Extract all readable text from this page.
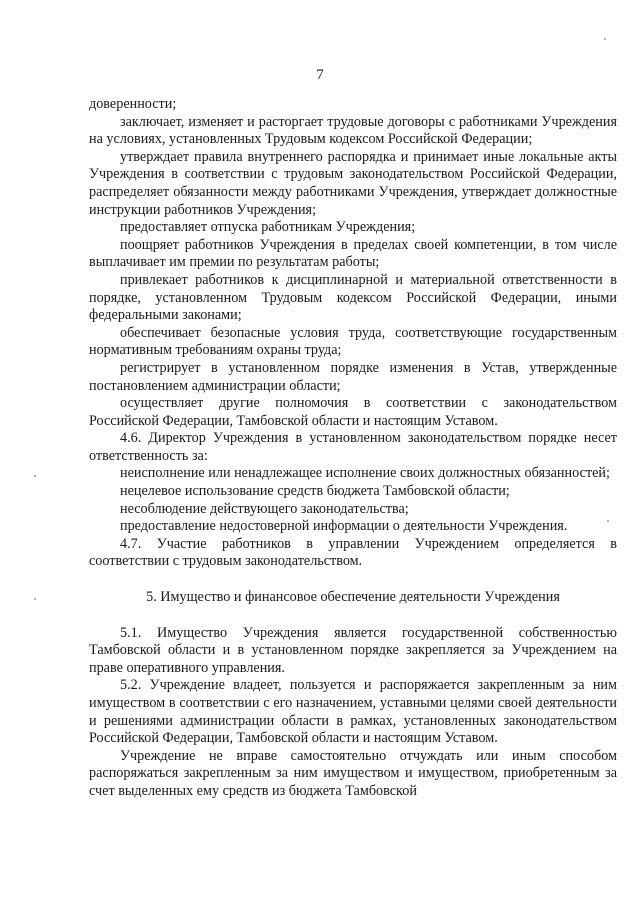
7

доверенности;

заключает, изменяет и расторгает трудовые договоры с работниками Учреждения на условиях, установленных Трудовым кодексом Российской Федерации;

утверждает правила внутреннего распорядка и принимает иные локальные акты Учреждения в соответствии с трудовым законодательством Российской Федерации, распределяет обязанности между работниками Учреждения, утверждает должностные инструкции работников Учреждения;

предоставляет отпуска работникам Учреждения;

поощряет работников Учреждения в пределах своей компетенции, в том числе выплачивает им премии по результатам работы;

привлекает работников к дисциплинарной и материальной ответственности в порядке, установленном Трудовым кодексом Российской Федерации, иными федеральными законами;

обеспечивает безопасные условия труда, соответствующие государственным нормативным требованиям охраны труда;

регистрирует в установленном порядке изменения в Устав, утвержденные постановлением администрации области;

осуществляет другие полномочия в соответствии с законодательством Российской Федерации, Тамбовской области и настоящим Уставом.

4.6. Директор Учреждения в установленном законодательством порядке несет ответственность за:

неисполнение или ненадлежащее исполнение своих должностных обязанностей;

нецелевое использование средств бюджета Тамбовской области;

несоблюдение действующего законодательства;

предоставление недостоверной информации о деятельности Учреждения.

4.7. Участие работников в управлении Учреждением определяется в соответствии с трудовым законодательством.

5. Имущество и финансовое обеспечение деятельности Учреждения

5.1. Имущество Учреждения является государственной собственностью Тамбовской области и в установленном порядке закрепляется за Учреждением на праве оперативного управления.

5.2. Учреждение владеет, пользуется и распоряжается закрепленным за ним имуществом в соответствии с его назначением, уставными целями своей деятельности и решениями администрации области в рамках, установленных законодательством Российской Федерации, Тамбовской области и настоящим Уставом.

Учреждение не вправе самостоятельно отчуждать или иным способом распоряжаться закрепленным за ним имуществом и имуществом, приобретенным за счет выделенных ему средств из бюджета Тамбовской
